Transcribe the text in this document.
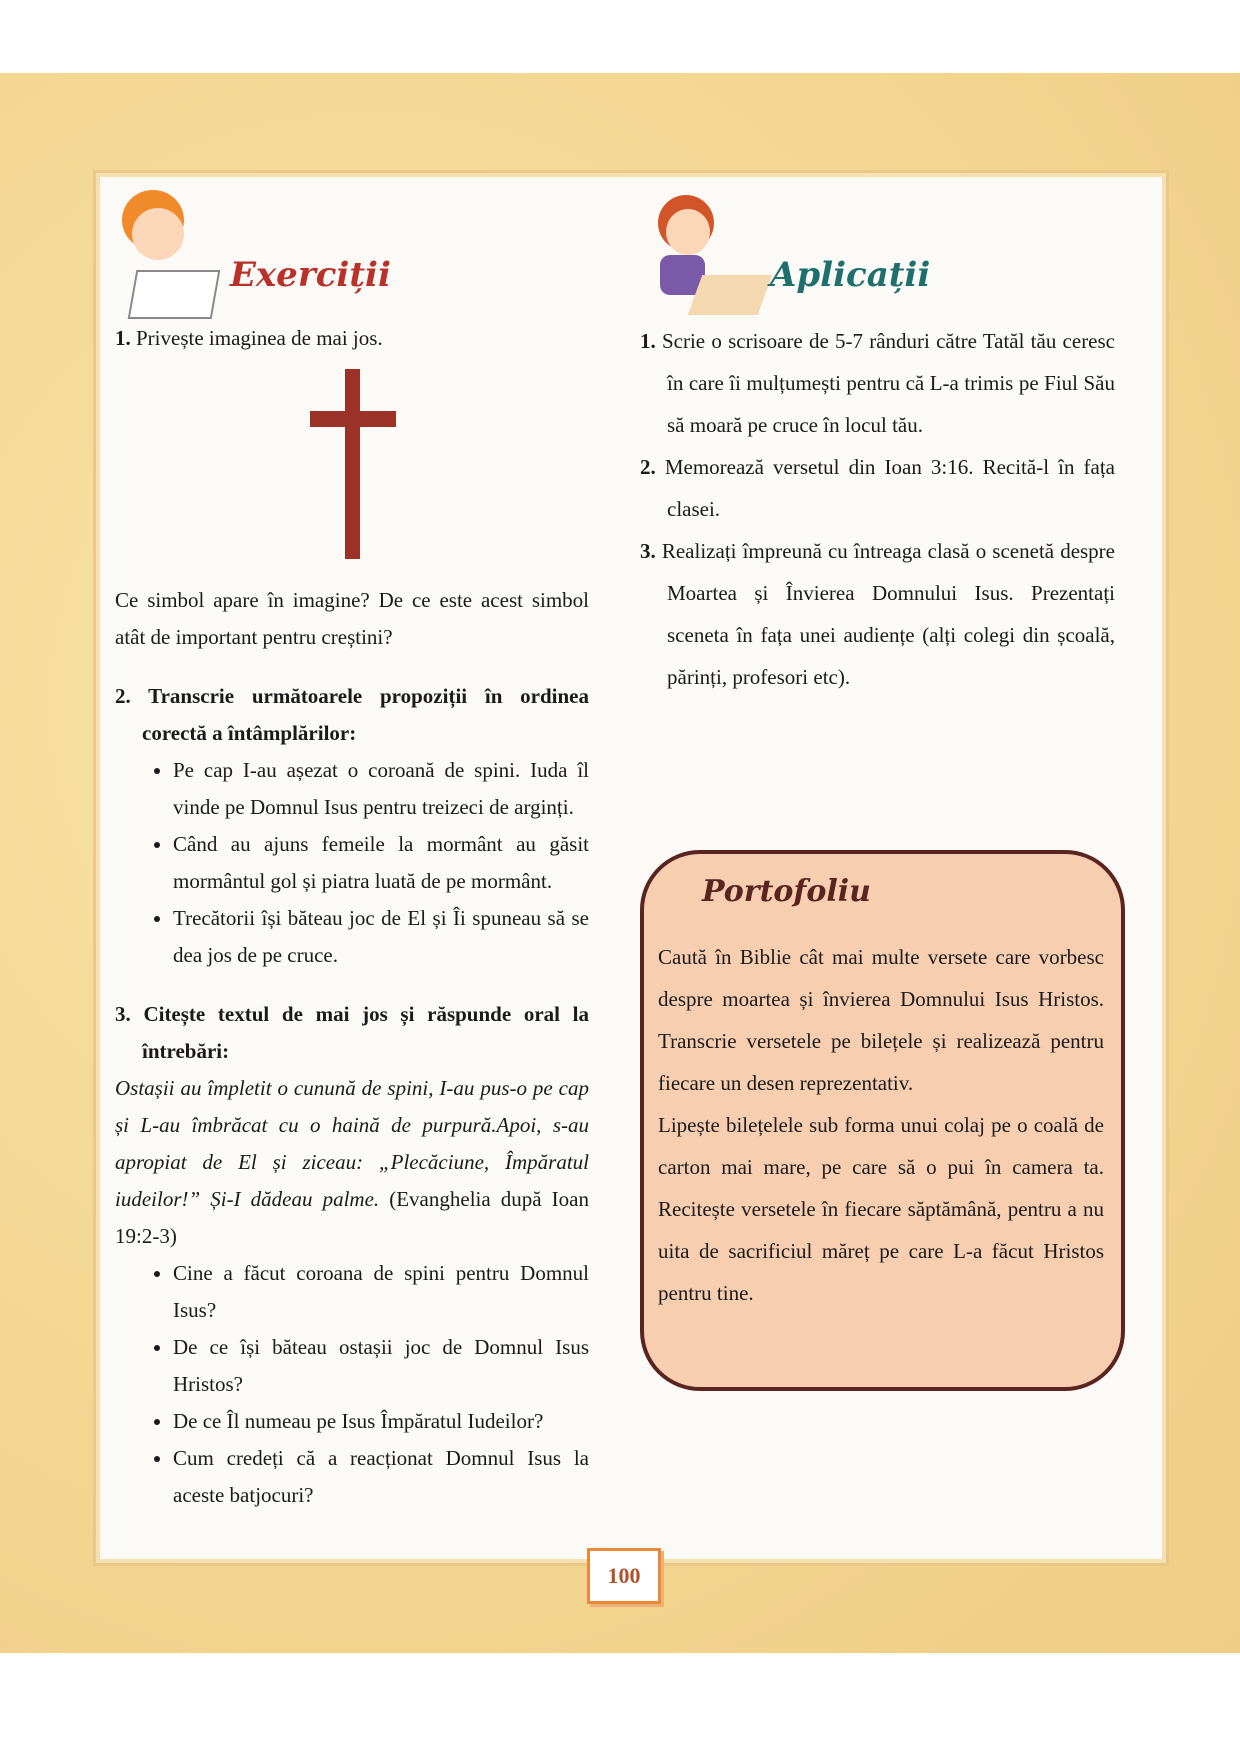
Exerciții	Aplicații
1. Privește imaginea de mai jos.
Ce simbol apare în imagine? De ce este acest simbol atât de important pentru creștini?
2. Transcrie următoarele propoziții în ordinea corectă a întâmplărilor:
• Pe cap I-au așezat o coroană de spini. Iuda îl vinde pe Domnul Isus pentru treizeci de arginți.
• Când au ajuns femeile la mormânt au găsit mormântul gol și piatra luată de pe mormânt.
• Trecătorii își băteau joc de El și Îi spuneau să se dea jos de pe cruce.
3. Citește textul de mai jos și răspunde oral la întrebări:
Ostașii au împletit o cunună de spini, I-au pus-o pe cap și L-au îmbrăcat cu o haină de purpură.Apoi, s-au apropiat de El și ziceau: „Plecăciune, Împăratul iudeilor!” Și-I dădeau palme. (Evanghelia după Ioan 19:2-3)
• Cine a făcut coroana de spini pentru Domnul Isus?
• De ce își băteau ostașii joc de Domnul Isus Hristos?
• De ce Îl numeau pe Isus Împăratul Iudeilor?
• Cum credeți că a reacționat Domnul Isus la aceste batjocuri?
1. Scrie o scrisoare de 5-7 rânduri către Tatăl tău ceresc în care îi mulțumești pentru că L-a trimis pe Fiul Său să moară pe cruce în locul tău.
2. Memorează versetul din Ioan 3:16. Recită-l în fața clasei.
3. Realizați împreună cu întreaga clasă o scenetă despre Moartea și Învierea Domnului Isus. Prezentați sceneta în fața unei audiențe (alți colegi din școală, părinți, profesori etc).
Portofoliu
Caută în Biblie cât mai multe versete care vorbesc despre moartea și învierea Domnului Isus Hristos. Transcrie versetele pe bilețele și realizează pentru fiecare un desen reprezentativ.
Lipește bilețelele sub forma unui colaj pe o coală de carton mai mare, pe care să o pui în camera ta. Recitește versetele în fiecare săptămână, pentru a nu uita de sacrificiul măreț pe care L-a făcut Hristos pentru tine.
100
